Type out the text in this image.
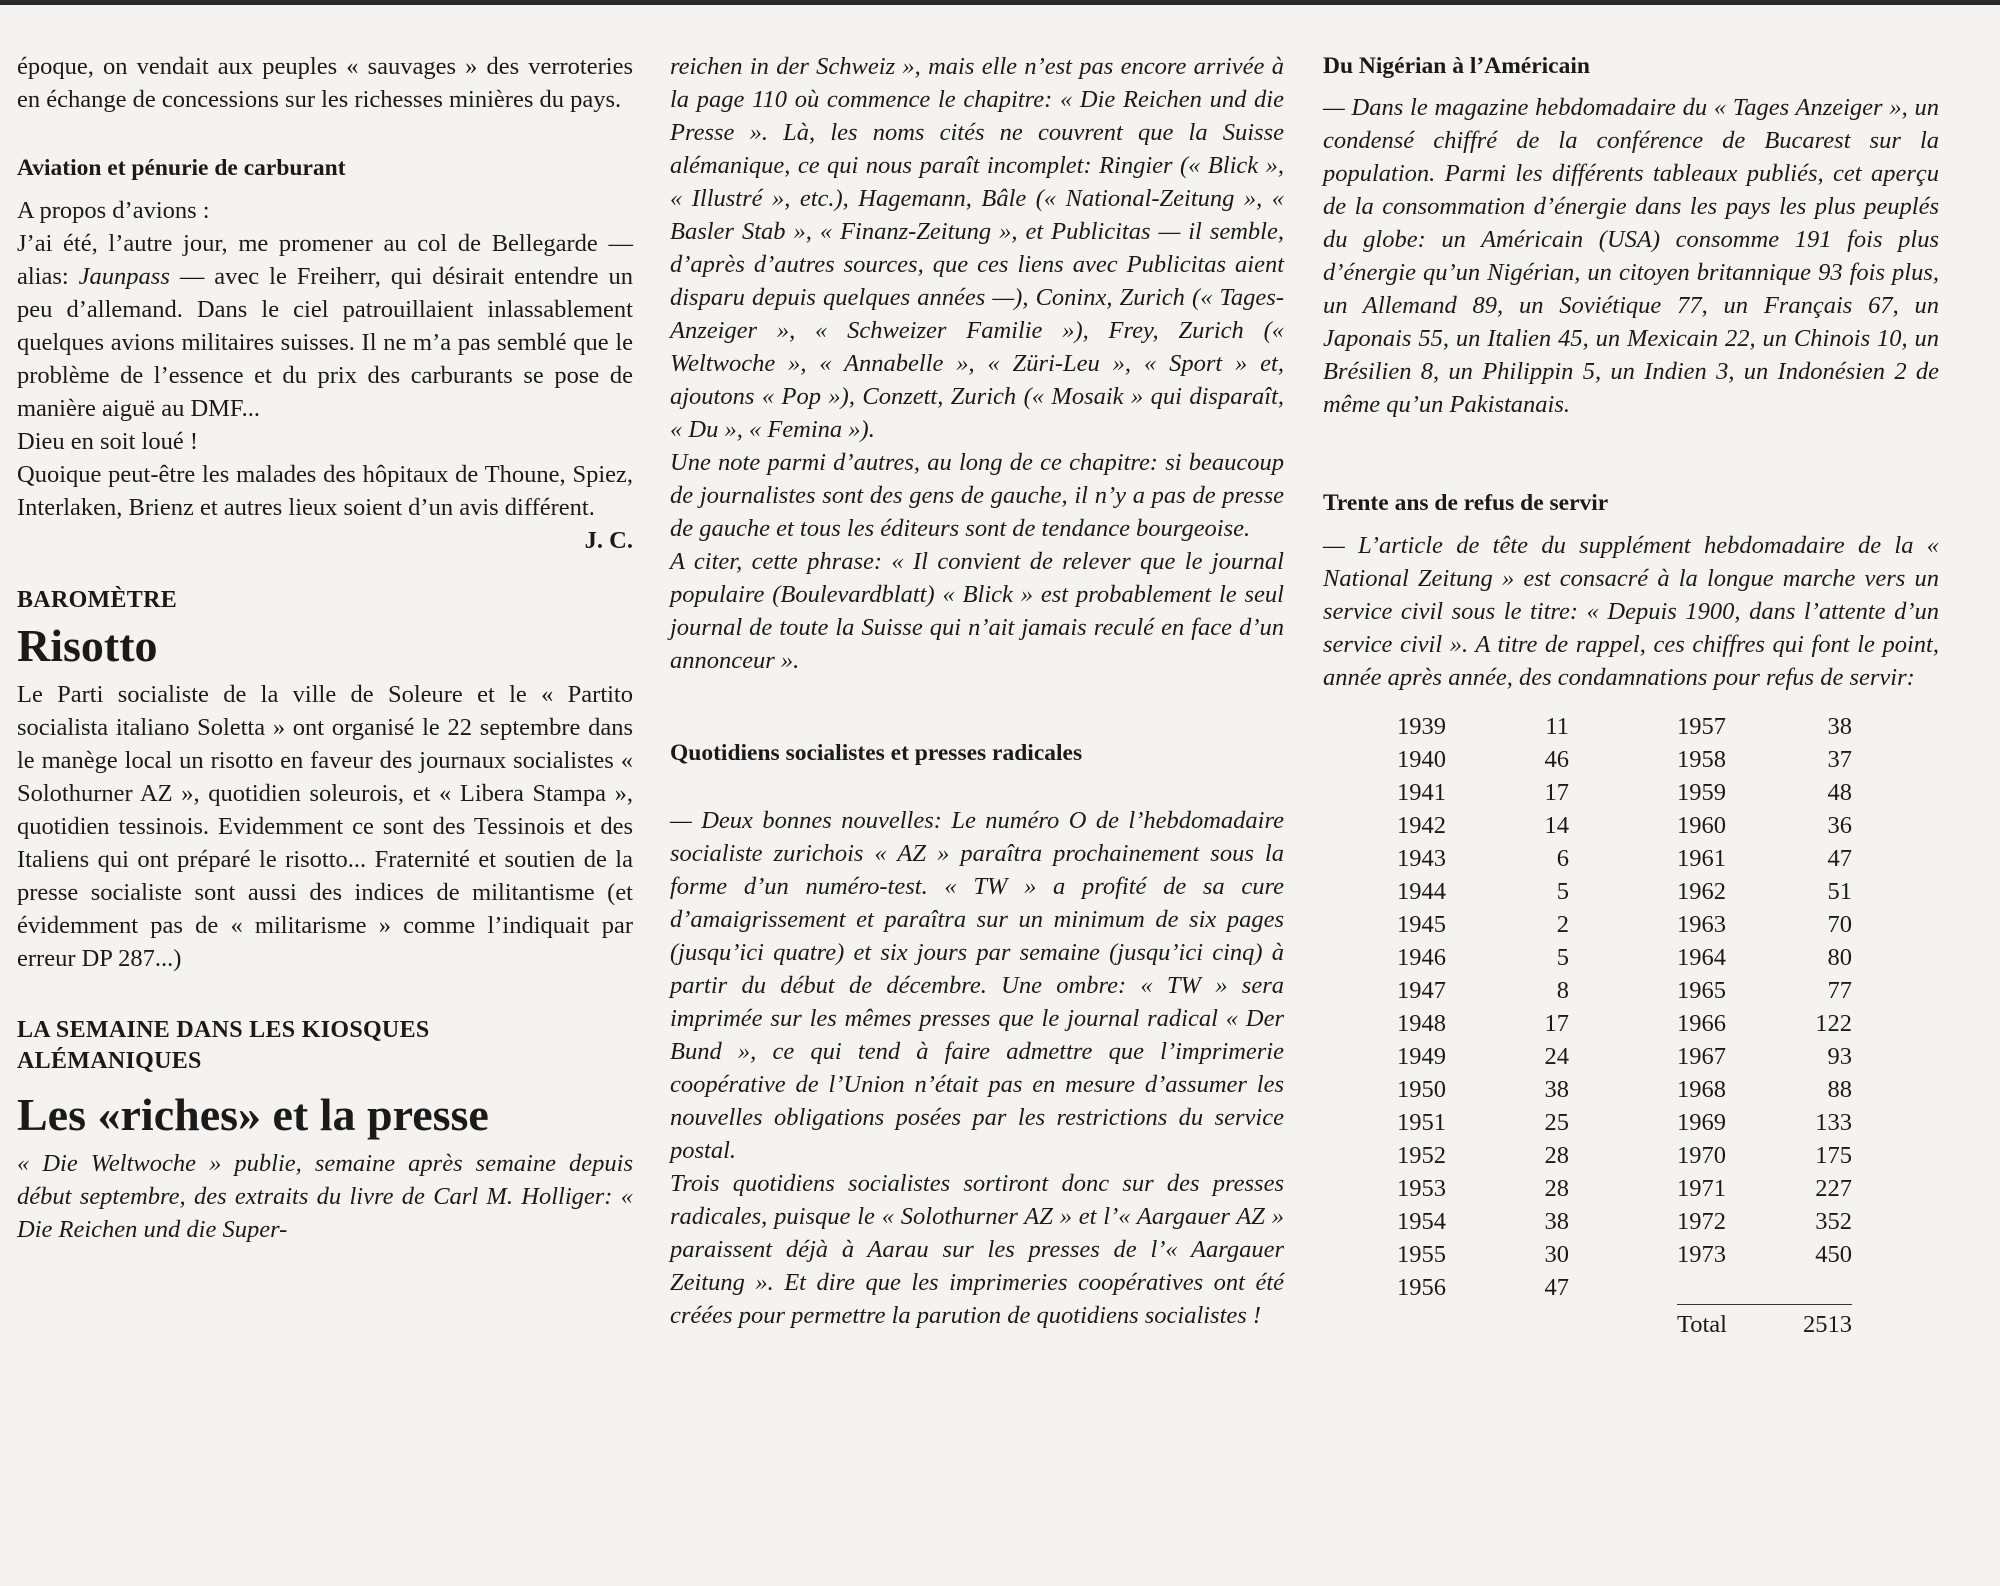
époque, on vendait aux peuples « sauvages » des verroteries en échange de concessions sur les richesses minières du pays.

Aviation et pénurie de carburant

A propos d’avions :

J’ai été, l’autre jour, me promener au col de Bellegarde — alias: Jaunpass — avec le Freiherr, qui désirait entendre un peu d’allemand. Dans le ciel patrouillaient inlassablement quelques avions militaires suisses. Il ne m’a pas semblé que le problème de l’essence et du prix des carburants se pose de manière aiguë au DMF...

Dieu en soit loué !

Quoique peut-être les malades des hôpitaux de Thoune, Spiez, Interlaken, Brienz et autres lieux soient d’un avis différent.

J. C.

BAROMÈTRE

Risotto

Le Parti socialiste de la ville de Soleure et le « Partito socialista italiano Soletta » ont organisé le 22 septembre dans le manège local un risotto en faveur des journaux socialistes « Solothurner AZ », quotidien soleurois, et « Libera Stampa », quotidien tessinois. Evidemment ce sont des Tessinois et des Italiens qui ont préparé le risotto... Fraternité et soutien de la presse socialiste sont aussi des indices de militantisme (et évidemment pas de « militarisme » comme l’indiquait par erreur DP 287...)

LA SEMAINE DANS LES KIOSQUES

ALÉMANIQUES

Les «riches» et la presse

« Die Weltwoche » publie, semaine après semaine depuis début septembre, des extraits du livre de Carl M. Holliger: « Die Reichen und die Super-

reichen in der Schweiz », mais elle n’est pas encore arrivée à la page 110 où commence le chapitre: « Die Reichen und die Presse ». Là, les noms cités ne couvrent que la Suisse alémanique, ce qui nous paraît incomplet: Ringier (« Blick », « Illustré », etc.), Hagemann, Bâle (« National-Zeitung », « Basler Stab », « Finanz-Zeitung », et Publicitas — il semble, d’après d’autres sources, que ces liens avec Publicitas aient disparu depuis quelques années —), Coninx, Zurich (« Tages-Anzeiger », « Schweizer Familie »), Frey, Zurich (« Weltwoche », « Annabelle », « Züri-Leu », « Sport » et, ajoutons « Pop »), Conzett, Zurich (« Mosaik » qui disparaît, « Du », « Femina »).

Une note parmi d’autres, au long de ce chapitre: si beaucoup de journalistes sont des gens de gauche, il n’y a pas de presse de gauche et tous les éditeurs sont de tendance bourgeoise.

A citer, cette phrase: « Il convient de relever que le journal populaire (Boulevardblatt) « Blick » est probablement le seul journal de toute la Suisse qui n’ait jamais reculé en face d’un annonceur ».

Quotidiens socialistes et presses radicales

— Deux bonnes nouvelles: Le numéro O de l’hebdomadaire socialiste zurichois « AZ » paraîtra prochainement sous la forme d’un numéro-test. « TW » a profité de sa cure d’amaigrissement et paraîtra sur un minimum de six pages (jusqu’ici quatre) et six jours par semaine (jusqu’ici cinq) à partir du début de décembre. Une ombre: « TW » sera imprimée sur les mêmes presses que le journal radical « Der Bund », ce qui tend à faire admettre que l’imprimerie coopérative de l’Union n’était pas en mesure d’assumer les nouvelles obligations posées par les restrictions du service postal.

Trois quotidiens socialistes sortiront donc sur des presses radicales, puisque le « Solothurner AZ » et l’« Aargauer AZ » paraissent déjà à Aarau sur les presses de l’« Aargauer Zeitung ». Et dire que les imprimeries coopératives ont été créées pour permettre la parution de quotidiens socialistes !

Du Nigérian à l’Américain

— Dans le magazine hebdomadaire du « Tages Anzeiger », un condensé chiffré de la conférence de Bucarest sur la population. Parmi les différents tableaux publiés, cet aperçu de la consommation d’énergie dans les pays les plus peuplés du globe: un Américain (USA) consomme 191 fois plus d’énergie qu’un Nigérian, un citoyen britannique 93 fois plus, un Allemand 89, un Soviétique 77, un Français 67, un Japonais 55, un Italien 45, un Mexicain 22, un Chinois 10, un Brésilien 8, un Philippin 5, un Indien 3, un Indonésien 2 de même qu’un Pakistanais.

Trente ans de refus de servir

— L’article de tête du supplément hebdomadaire de la « National Zeitung » est consacré à la longue marche vers un service civil sous le titre: « Depuis 1900, dans l’attente d’un service civil ». A titre de rappel, ces chiffres qui font le point, année après année, des condamnations pour refus de servir:

1939	11		1957	38
1940	46		1958	37
1941	17		1959	48
1942	14		1960	36
1943	6		1961	47
1944	5		1962	51
1945	2		1963	70
1946	5		1964	80
1947	8		1965	77
1948	17		1966	122
1949	24		1967	93
1950	38		1968	88
1951	25		1969	133
1952	28		1970	175
1953	28		1971	227
1954	38		1972	352
1955	30		1973	450
1956	47			
			Total	2513
